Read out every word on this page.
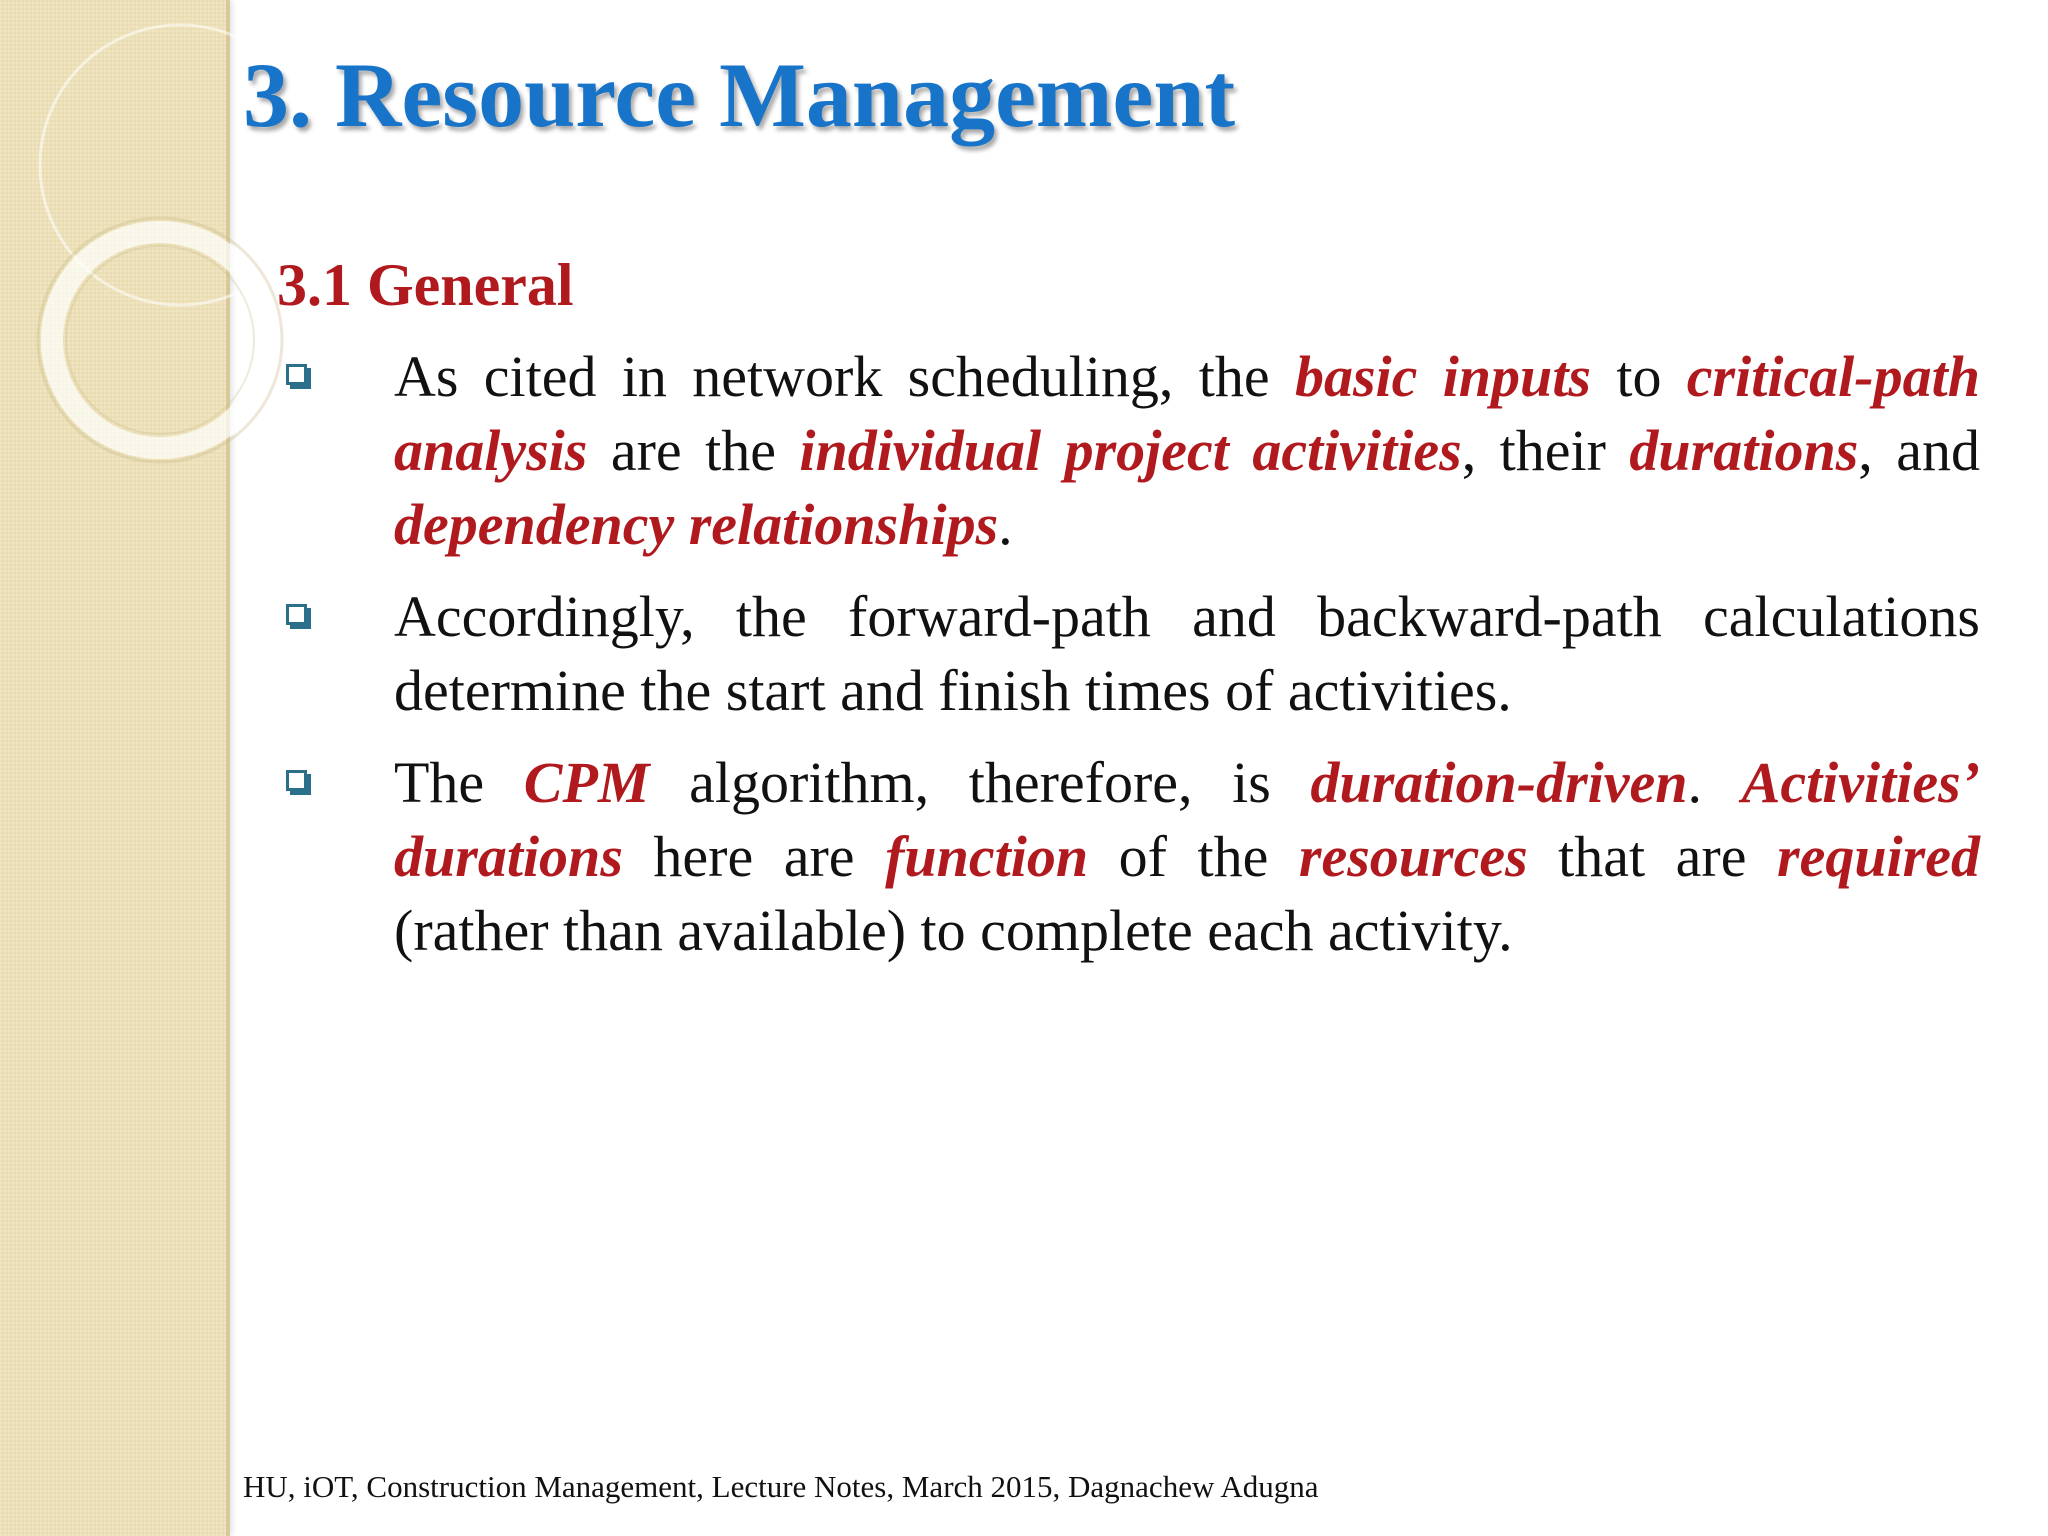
3. Resource Management
3.1 General
As cited in network scheduling, the basic inputs to critical-path analysis are the individual project activities, their durations, and dependency relationships.
Accordingly, the forward-path and backward-path calculations determine the start and finish times of activities.
The CPM algorithm, therefore, is duration-driven. Activities’ durations here are function of the resources that are required (rather than available) to complete each activity.

HU, iOT, Construction Management, Lecture Notes, March 2015, Dagnachew Adugna
